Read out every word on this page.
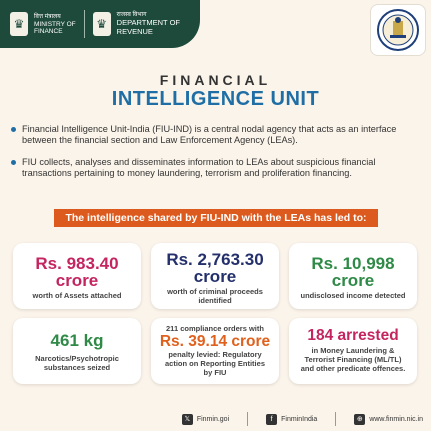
♛
वित्त मंत्रालय
MINISTRY OF
FINANCE	♛
राजस्व विभाग
DEPARTMENT OF
REVENUE
FINANCIAL
INTELLIGENCE UNIT
Financial Intelligence Unit-India (FIU-IND) is a central nodal agency that acts as an interface between the financial section and Law Enforcement Agency (LEAs).
FIU collects, analyses and disseminates information to LEAs about suspicious financial transactions pertaining to money laundering, terrorism and proliferation financing.
The intelligence shared by FIU-IND with the LEAs has led to:
Rs. 983.40
crore
worth of Assets attached
Rs. 2,763.30
crore
worth of criminal proceeds identified
Rs. 10,998
crore
undisclosed income detected
461 kg
Narcotics/Psychotropic substances seized
211 compliance orders with
Rs. 39.14 crore
penalty levied: Regulatory action on Reporting Entities by FIU
184 arrested
in Money Laundering & Terrorist Financing (ML/TL) and other predicate offences.
𝕏 Finmin.goi	f	FinminIndia	⊕ www.finmin.nic.in
